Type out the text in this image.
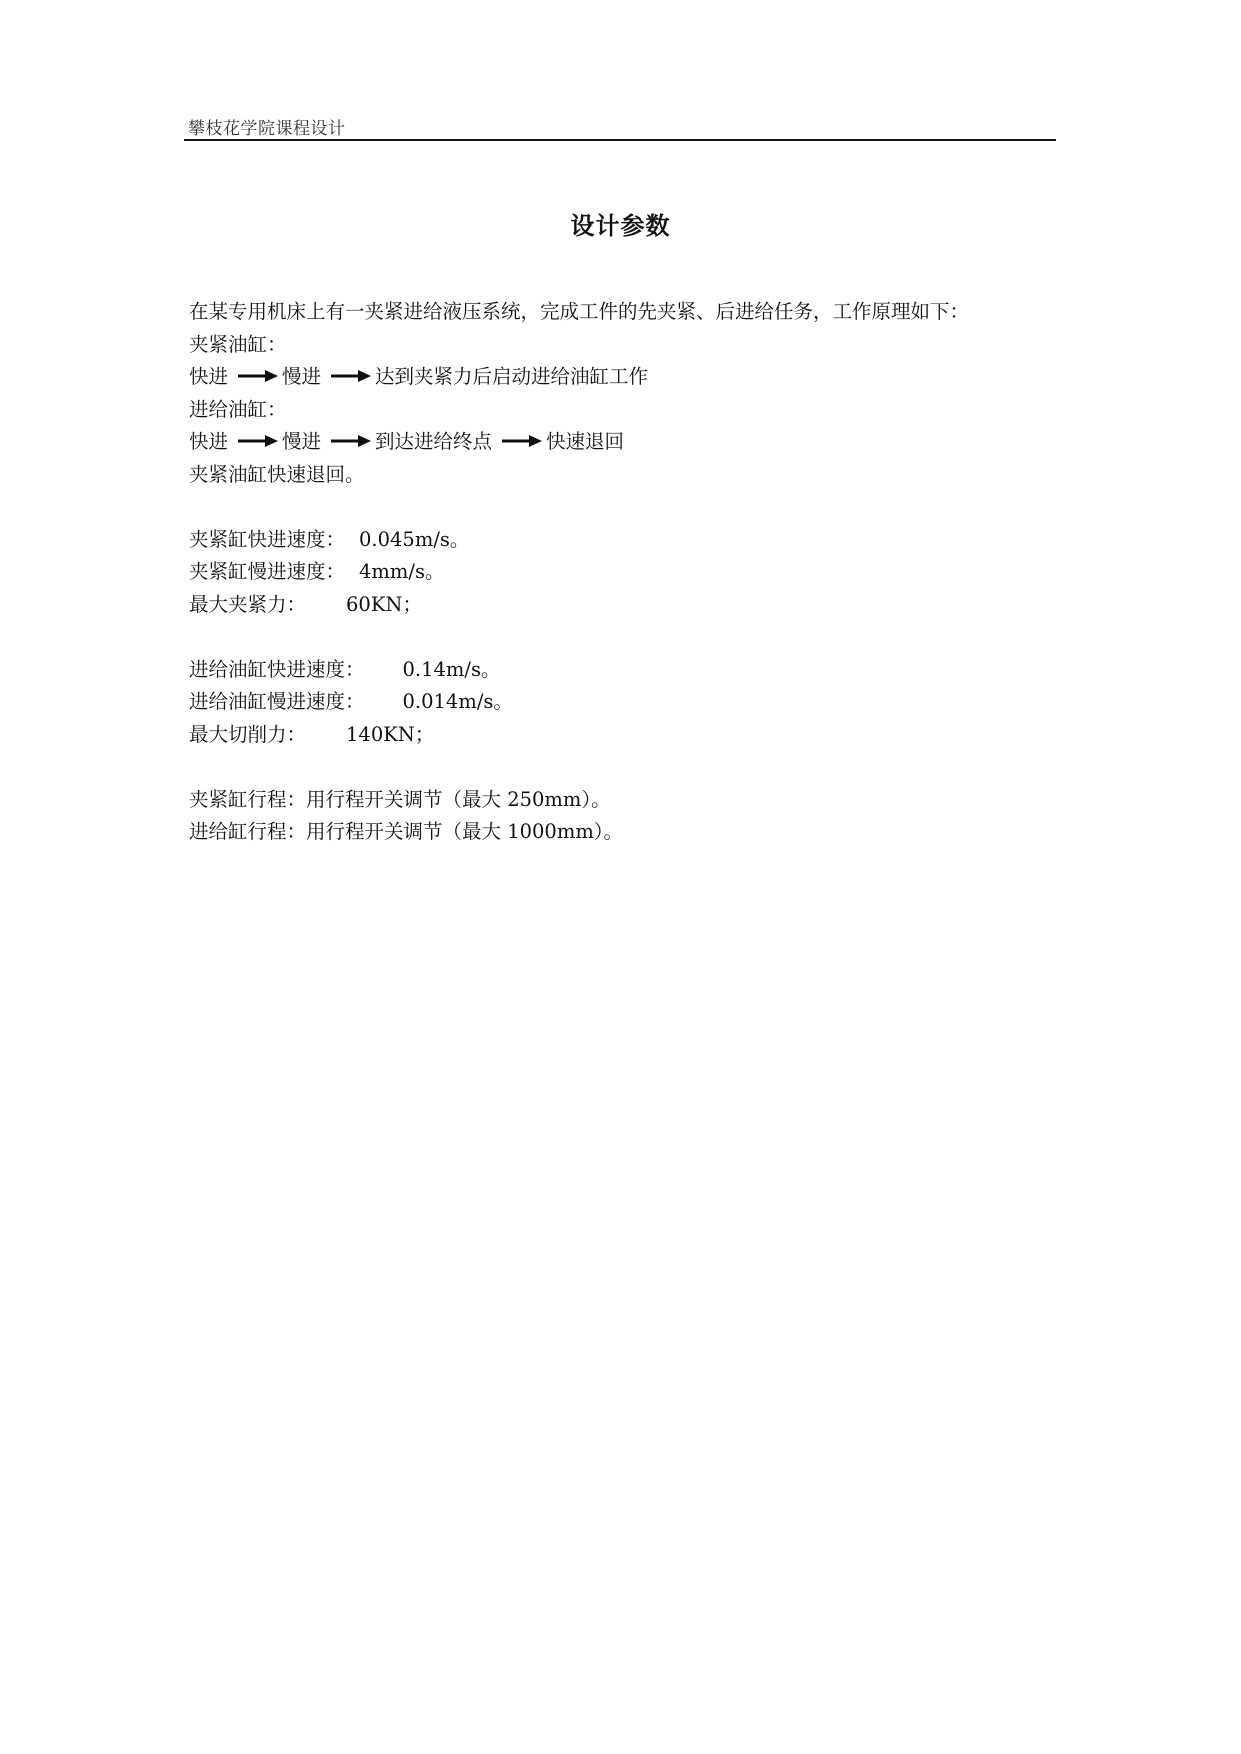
攀枝花学院课程设计
设计参数
在某专用机床上有一夹紧进给液压系统，完成工件的先夹紧、后进给任务，工作原理如下：
夹紧油缸：
快进	慢进	达到夹紧力后启动进给油缸工作
进给油缸：
快进	慢进	到达进给终点	快速退回
夹紧油缸快速退回。
夹紧缸快进速度： 0.045m/s。
夹紧缸慢进速度： 4mm/s。
最大夹紧力： 60KN；
进给油缸快进速度： 0.14m/s。
进给油缸慢进速度： 0.014m/s。
最大切削力： 140KN；
夹紧缸行程：用行程开关调节（最大 250mm）。
进给缸行程：用行程开关调节（最大 1000mm）。
